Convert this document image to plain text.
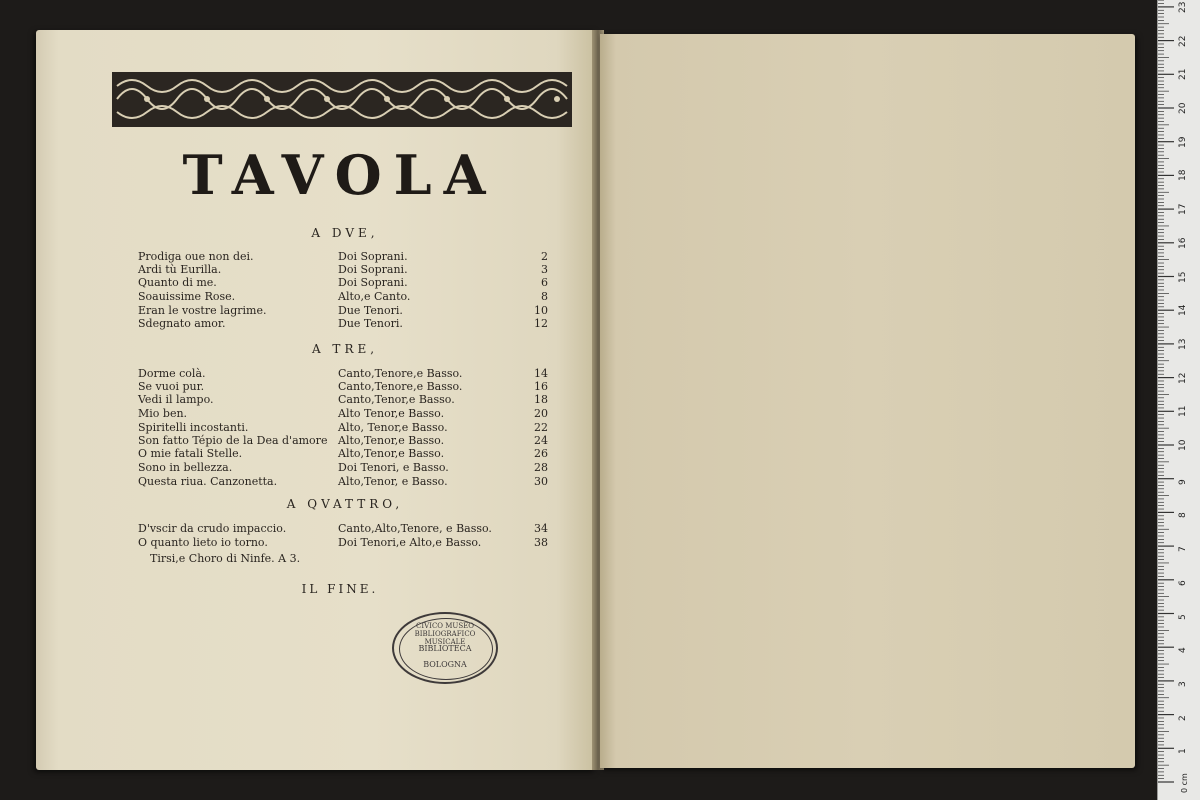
TAVOLA
A DVE,
Prodiga oue non dei.	Doi Soprani.	2
Ardi tù Eurilla.	Doi Soprani.	3
Quanto di me.	Doi Soprani.	6
Soauissime Rose.	Alto,e Canto.	8
Eran le vostre lagrime.	Due Tenori.	10
Sdegnato amor.	Due Tenori.	12
A TRE,
Dorme colà.	Canto,Tenore,e Basso.	14
Se vuoi pur.	Canto,Tenore,e Basso.	16
Vedi il lampo.	Canto,Tenor,e Basso.	18
Mio ben.	Alto Tenor,e Basso.	20
Spiritelli incostanti.	Alto, Tenor,e Basso.	22
Son fatto Tépio de la Dea d'amore Alto,Tenor,e Basso.	24
O mie fatali Stelle.	Alto,Tenor,e Basso.	26
Sono in bellezza.	Doi Tenori, e Basso.	28
Questa riua. Canzonetta.	Alto,Tenor, e Basso.	30
A QVATTRO,
D'vscir da crudo impaccio.	Canto,Alto,Tenore, e Basso.	34
O quanto lieto io torno.	Doi Tenori,e Alto,e Basso.	38
Tirsi,e Choro di Ninfe. A 3.
IL FINE.
CIVICO MUSEO BIBLIOGRAFICO MUSICALE
BIBLIOTECA
BOLOGNA
0 cm
1
2
3
4
5
6
7
8
9
10
11
12
13
14
15
16
17
18
19
20
21
22
23
